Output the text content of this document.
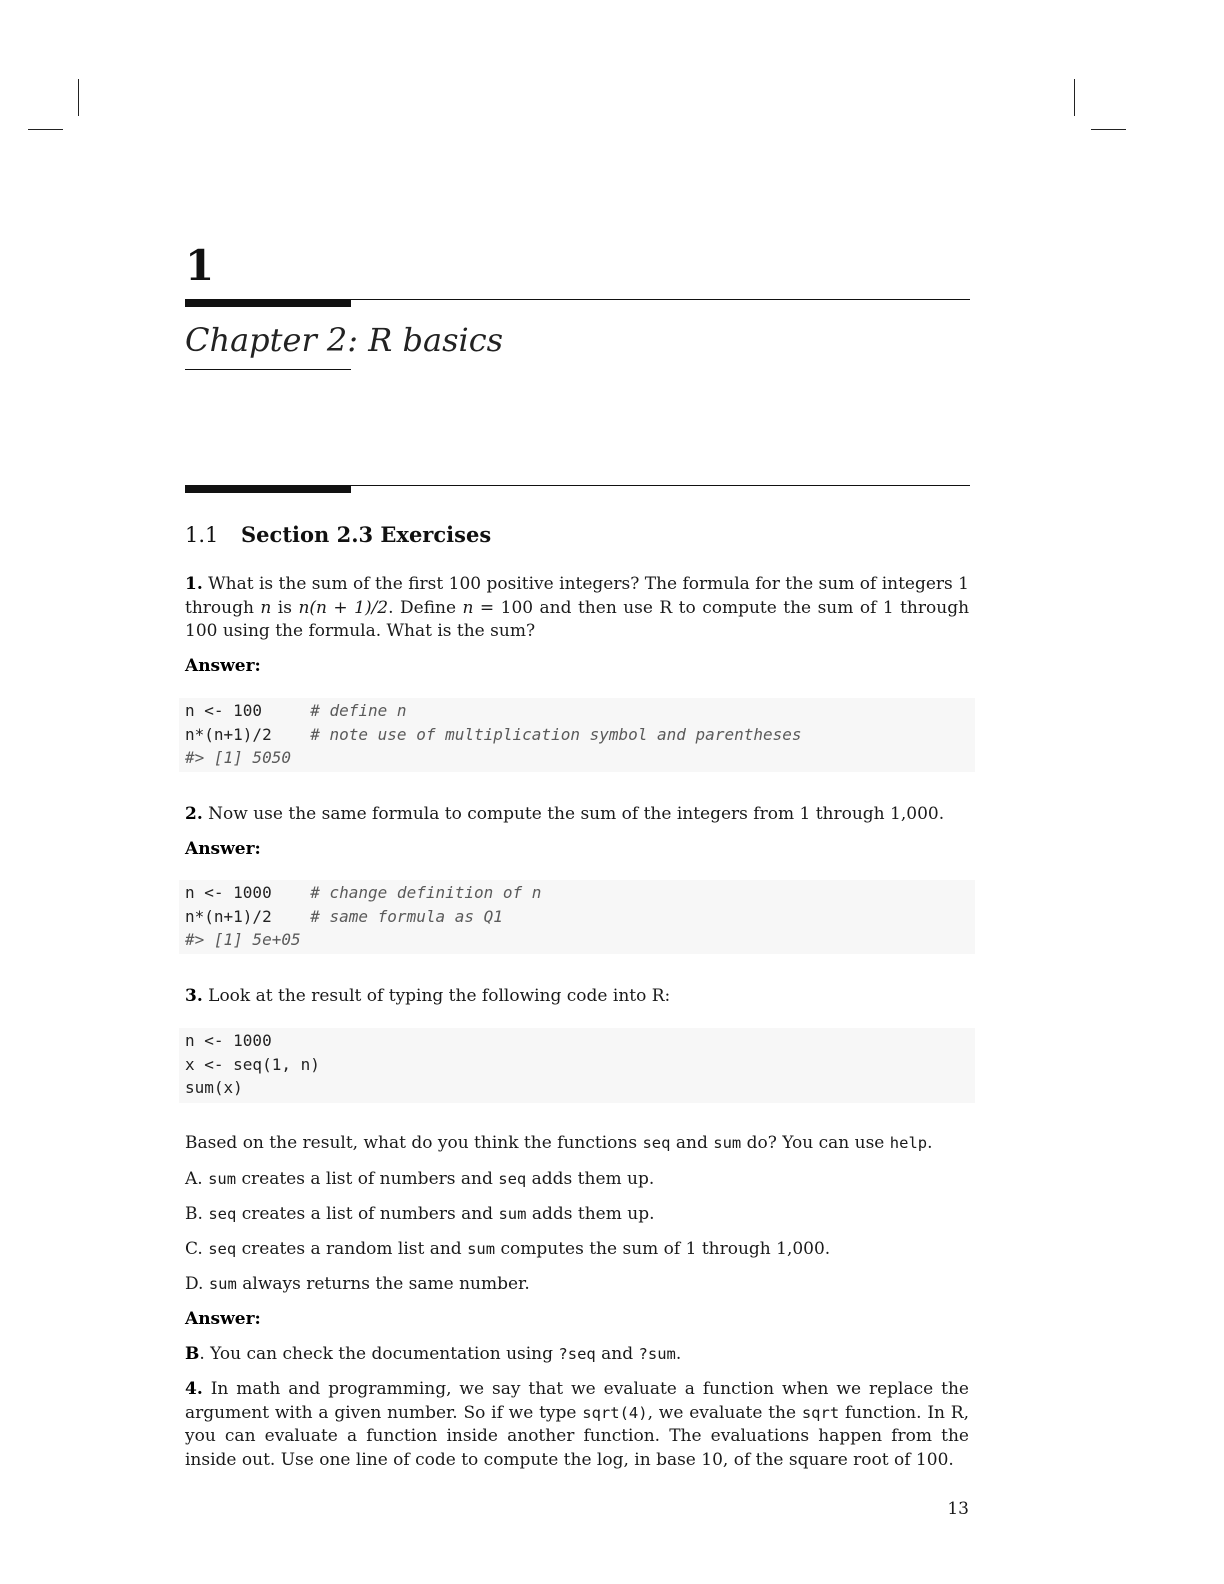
1
Chapter 2: R basics
1.1 Section 2.3 Exercises
1. What is the sum of the first 100 positive integers? The formula for the sum of integers 1 through n is n(n + 1)/2. Define n = 100 and then use R to compute the sum of 1 through 100 using the formula. What is the sum?
Answer:
n <- 100     # define n
n*(n+1)/2    # note use of multiplication symbol and parentheses
#> [1] 5050
2. Now use the same formula to compute the sum of the integers from 1 through 1,000.
Answer:
n <- 1000    # change definition of n
n*(n+1)/2    # same formula as Q1
#> [1] 5e+05
3. Look at the result of typing the following code into R:
n <- 1000
x <- seq(1, n)
sum(x)
Based on the result, what do you think the functions seq and sum do? You can use help.
A. sum creates a list of numbers and seq adds them up.
B. seq creates a list of numbers and sum adds them up.
C. seq creates a random list and sum computes the sum of 1 through 1,000.
D. sum always returns the same number.
Answer:
B. You can check the documentation using ?seq and ?sum.
4. In math and programming, we say that we evaluate a function when we replace the argument with a given number. So if we type sqrt(4), we evaluate the sqrt function. In R, you can evaluate a function inside another function. The evaluations happen from the inside out. Use one line of code to compute the log, in base 10, of the square root of 100.
13
